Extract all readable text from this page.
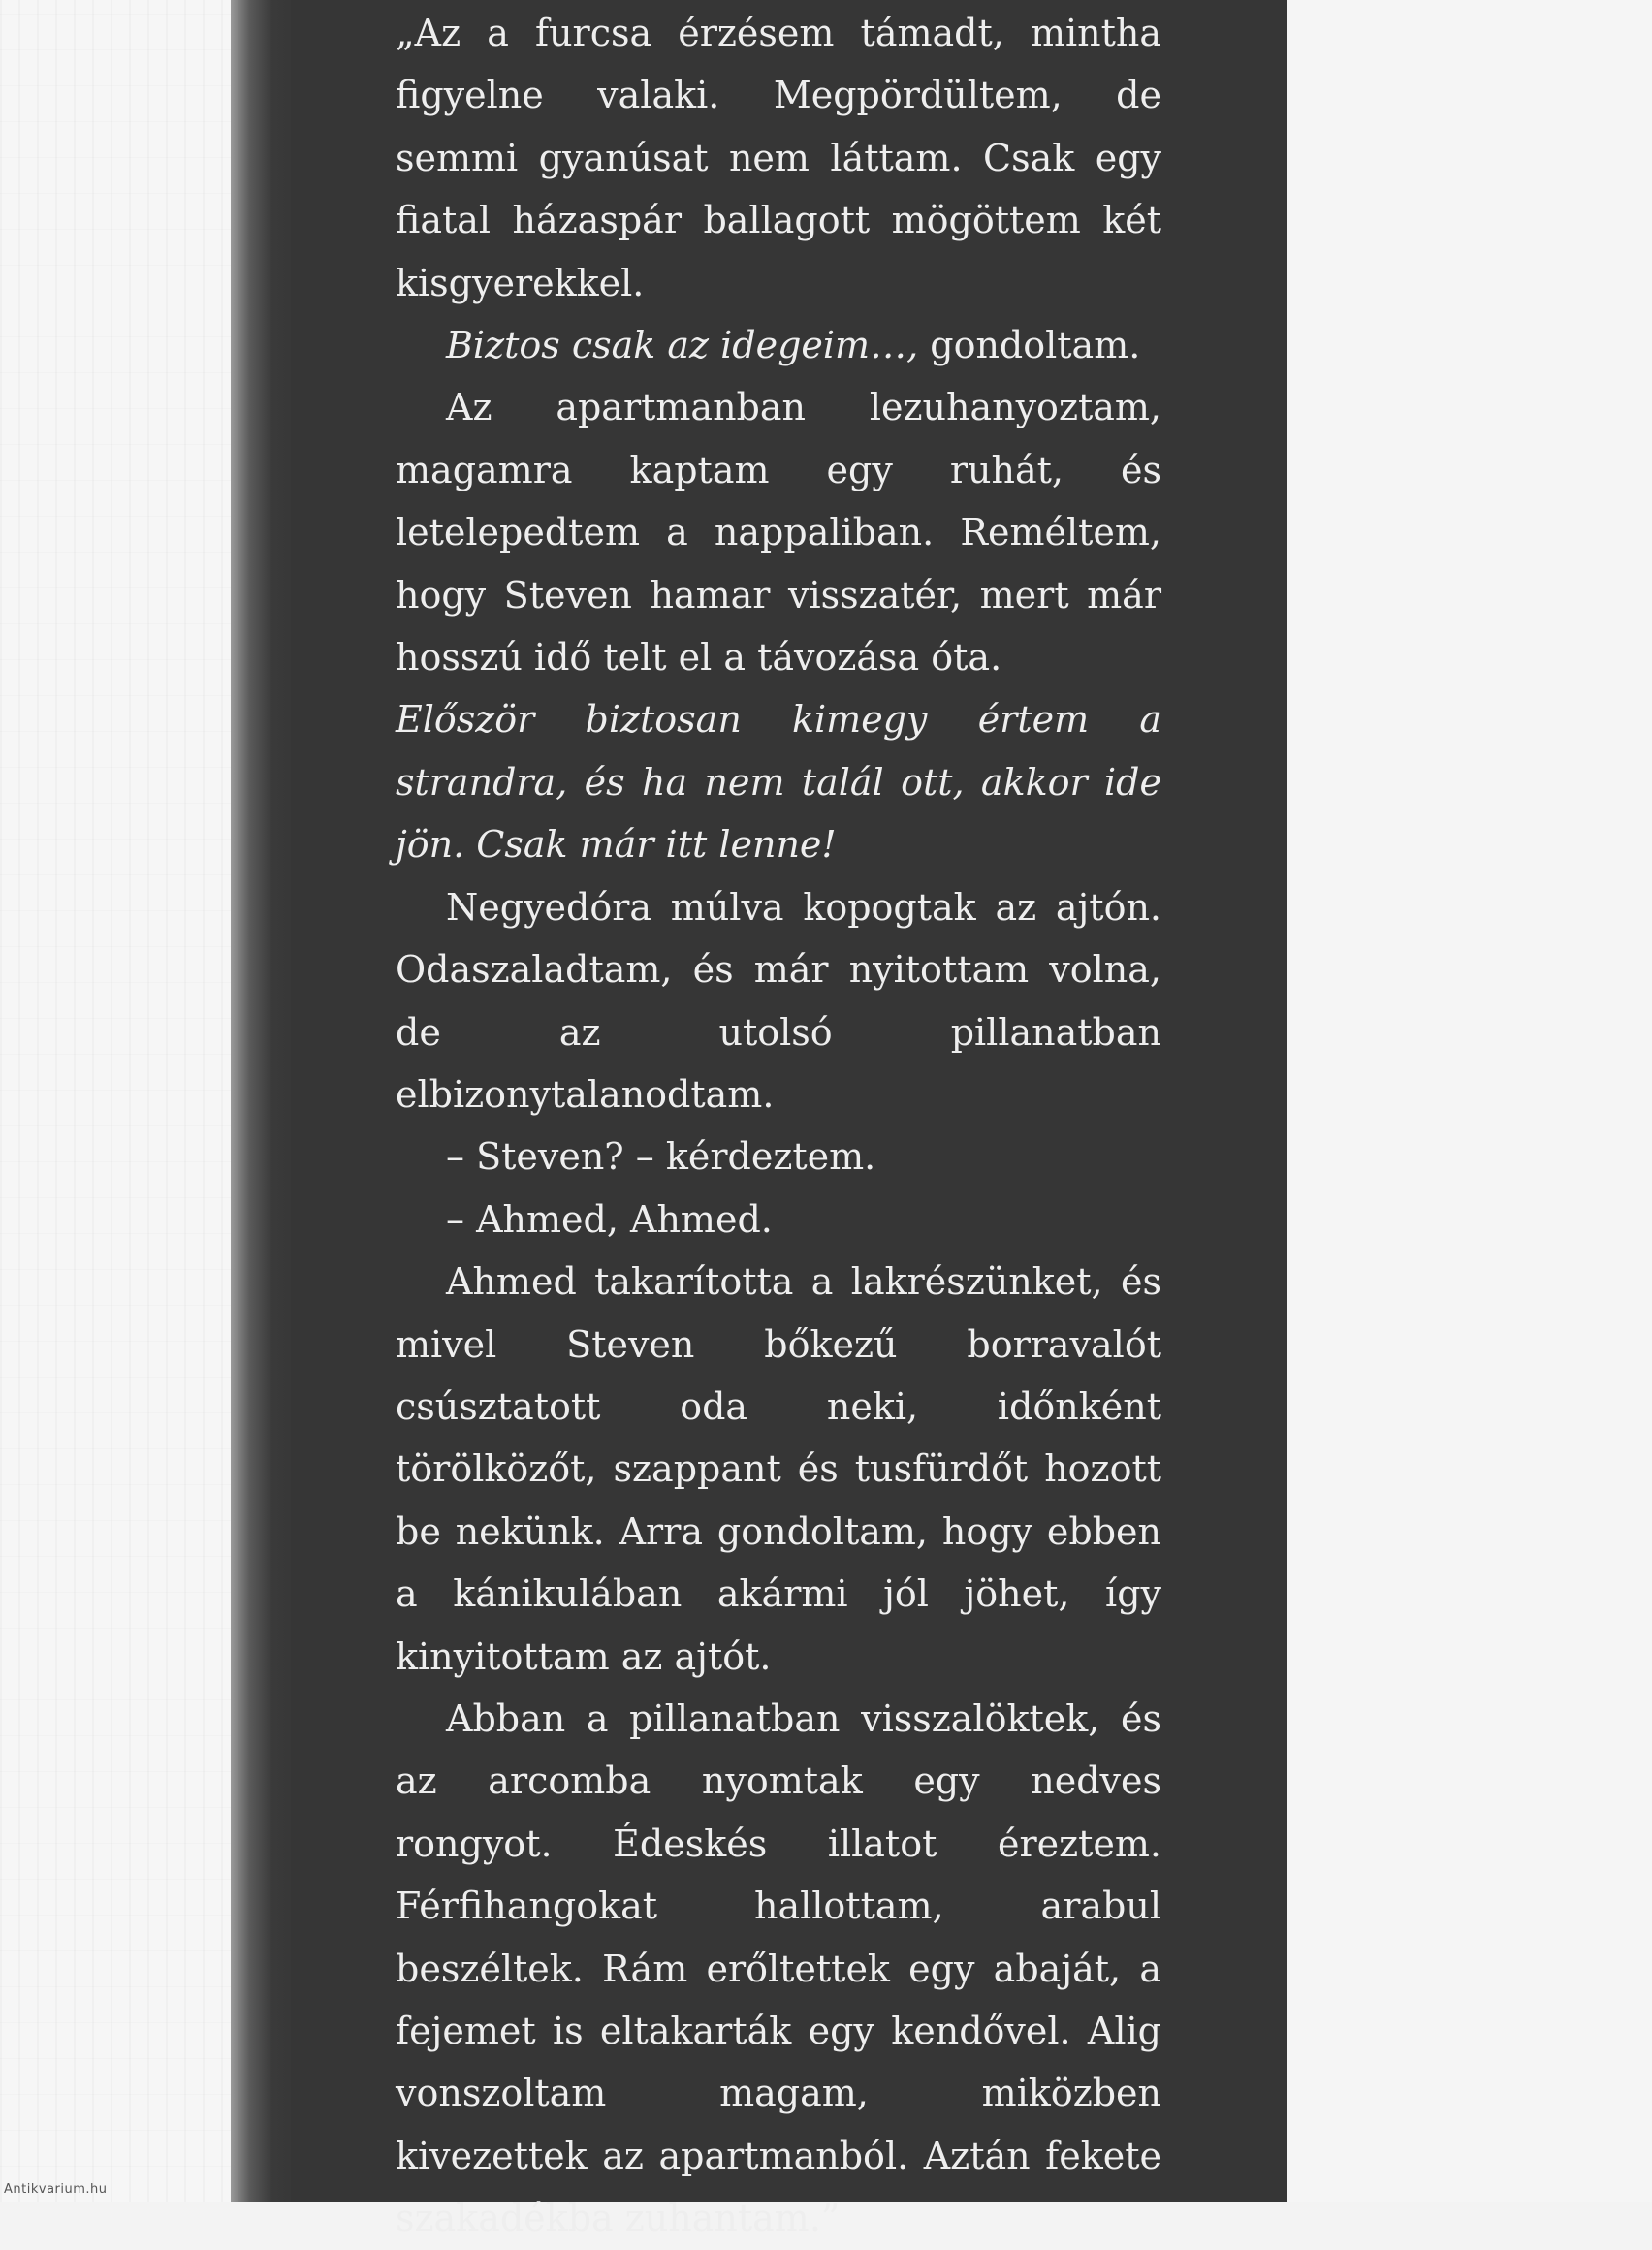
„Az a furcsa érzésem támadt, mintha figyelne valaki. Megpördültem, de semmi gyanúsat nem láttam. Csak egy fiatal házaspár ballagott mögöttem két kisgyerekkel.

Biztos csak az idegeim…, gondoltam.

Az apartmanban lezuhanyoztam, magamra kaptam egy ruhát, és letelepedtem a nappaliban. Reméltem, hogy Steven hamar visszatér, mert már hosszú idő telt el a távozása óta.

Először biztosan kimegy értem a strandra, és ha nem talál ott, akkor ide jön. Csak már itt lenne!

Negyedóra múlva kopogtak az ajtón. Odaszaladtam, és már nyitottam volna, de az utolsó pillanatban elbizonytalanodtam.

– Steven? – kérdeztem.

– Ahmed, Ahmed.

Ahmed takarította a lakrészünket, és mivel Steven bőkezű borravalót csúsztatott oda neki, időnként törölközőt, szappant és tusfürdőt hozott be nekünk. Arra gondoltam, hogy ebben a kánikulában akármi jól jöhet, így kinyitottam az ajtót.

Abban a pillanatban visszalöktek, és az arcomba nyomtak egy nedves rongyot. Édeskés illatot éreztem. Férfihangokat hallottam, arabul beszéltek. Rám erőltettek egy abaját, a fejemet is eltakarták egy kendővel. Alig vonszoltam magam, miközben kivezettek az apartmanból. Aztán fekete szakadékba zuhantam.”

Antikvarium.hu
